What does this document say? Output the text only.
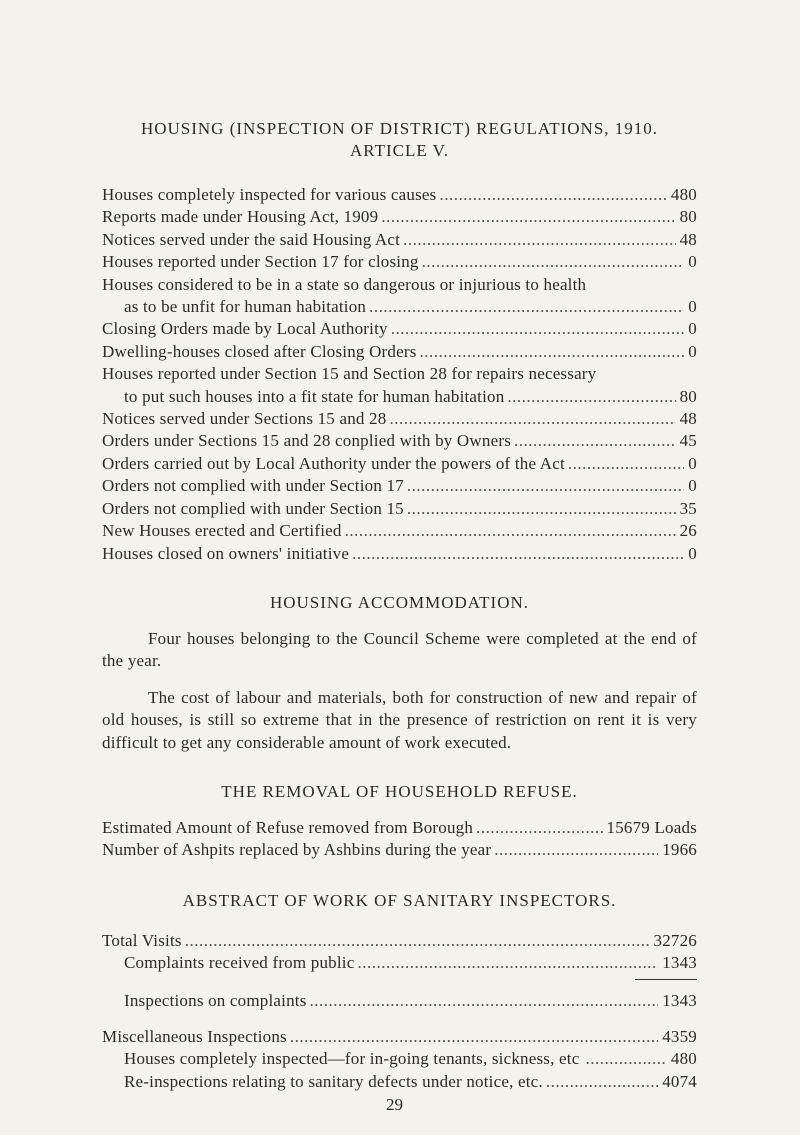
HOUSING (INSPECTION OF DISTRICT) REGULATIONS, 1910.

ARTICLE V.

Houses completely inspected for various causes .....	480
Reports made under Housing Act, 1909 .....	80
Notices served under the said Housing Act .....	48
Houses reported under Section 17 for closing .....	0
Houses considered to be in a state so dangerous or injurious to health
as to be unfit for human habitation .....	0
Closing Orders made by Local Authority .....	0
Dwelling-houses closed after Closing Orders .....	0
Houses reported under Section 15 and Section 28 for repairs necessary
to put such houses into a fit state for human habitation .....	80
Notices served under Sections 15 and 28 .....	48
Orders under Sections 15 and 28 conplied with by Owners .....	45
Orders carried out by Local Authority under the powers of the Act .....	0
Orders not complied with under Section 17 .....	0
Orders not complied with under Section 15 .....	35
New Houses erected and Certified .....	26
Houses closed on owners' initiative .....	0

HOUSING ACCOMMODATION.

Four houses belonging to the Council Scheme were completed at the end of the year.

The cost of labour and materials, both for construction of new and repair of old houses, is still so extreme that in the presence of restriction on rent it is very difficult to get any considerable amount of work executed.

THE REMOVAL OF HOUSEHOLD REFUSE.

Estimated Amount of Refuse removed from Borough .....	15679 Loads
Number of Ashpits replaced by Ashbins during the year .....	1966

ABSTRACT OF WORK OF SANITARY INSPECTORS.

Total Visits .....	32726
Complaints received from public .....	1343
Inspections on complaints .....	1343
Miscellaneous Inspections .....	4359
Houses completely inspected—for in-going tenants, sickness, etc .....	480
Re-inspections relating to sanitary defects under notice, etc. .....	4074
29
